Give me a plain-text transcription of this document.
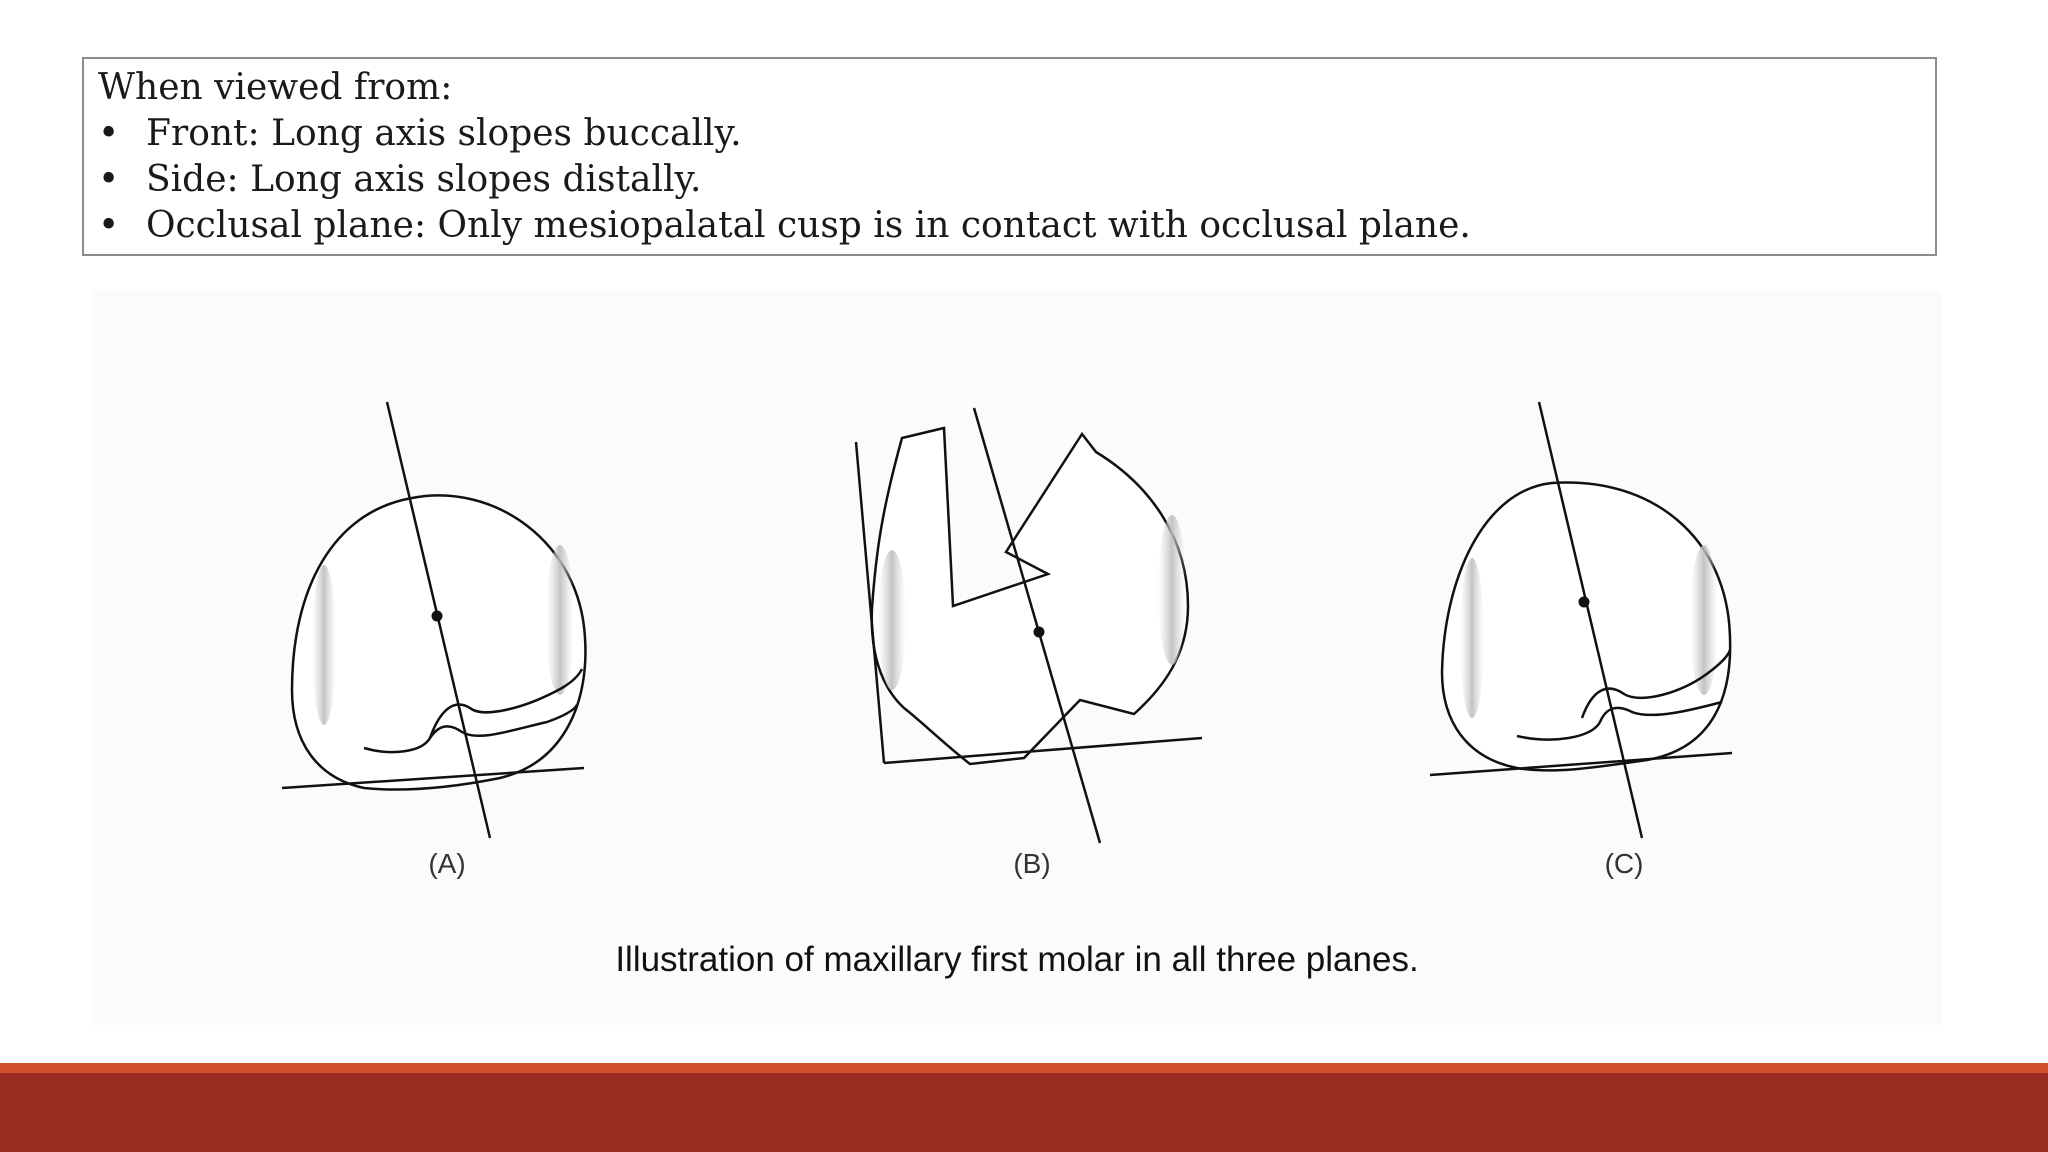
When viewed from:
• Front: Long axis slopes buccally.
• Side: Long axis slopes distally.
• Occlusal plane: Only mesiopalatal cusp is in contact with occlusal plane.
(A)	(B)	(C)
Illustration of maxillary first molar in all three planes.
